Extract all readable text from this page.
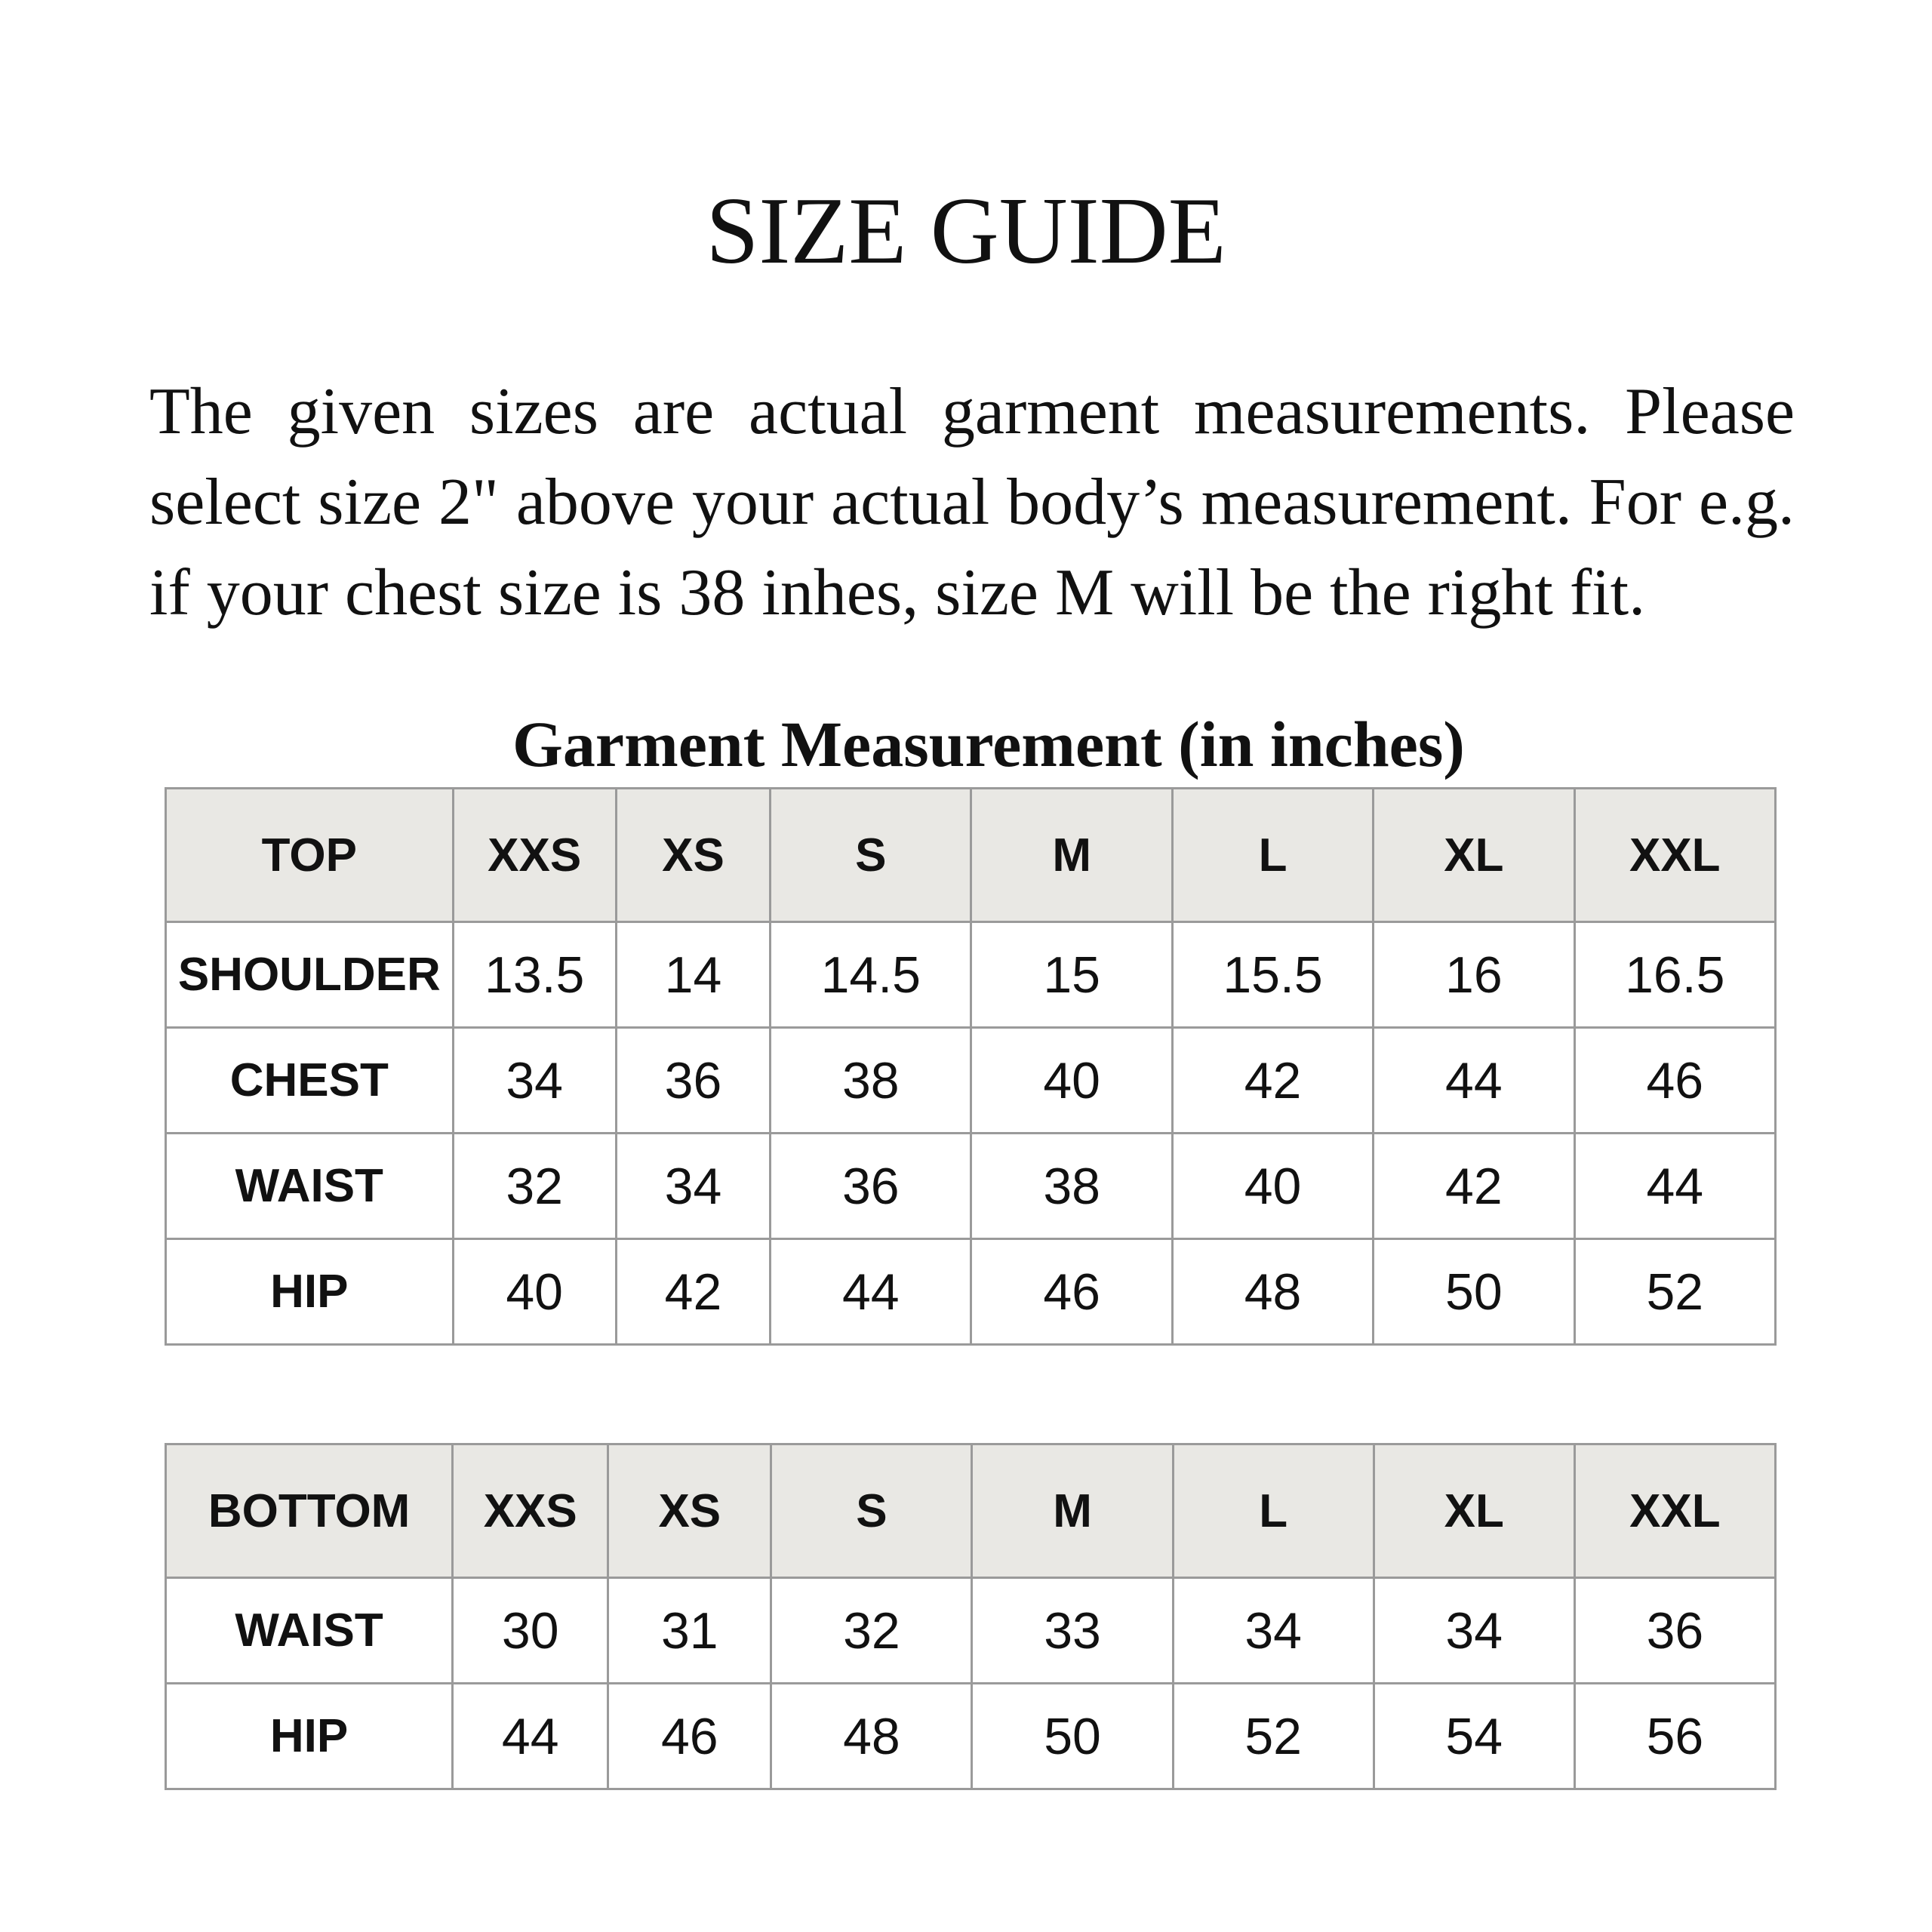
SIZE GUIDE

The given sizes are actual garment measurements. Please select size 2" above your actual body’s measurement. For e.g. if your chest size is 38 inhes, size M will be the right fit.

Garment Measurement (in inches)
TOP	XXS	XS	S	M	L	XL	XXL
SHOULDER	13.5	14	14.5	15	15.5	16	16.5
CHEST	34	36	38	40	42	44	46
WAIST	32	34	36	38	40	42	44
HIP	40	42	44	46	48	50	52
BOTTOM	XXS	XS	S	M	L	XL	XXL
WAIST	30	31	32	33	34	34	36
HIP	44	46	48	50	52	54	56
